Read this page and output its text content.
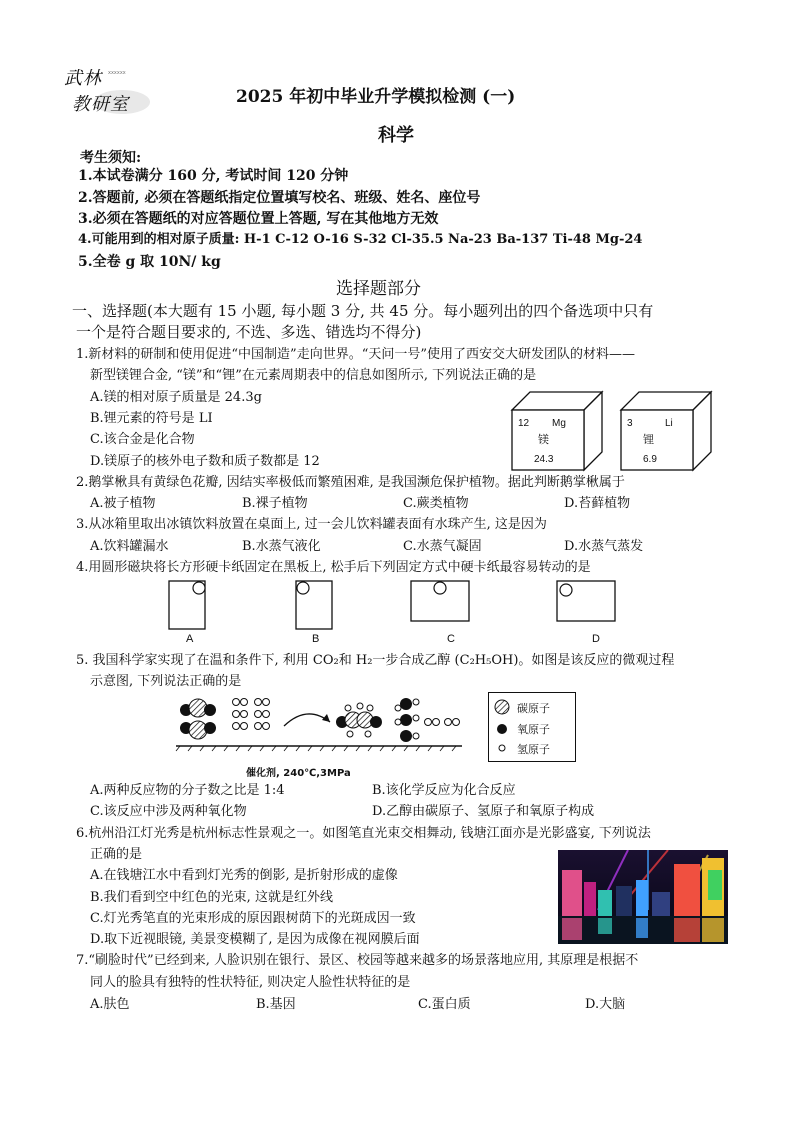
武林
教研室
xxxxxx
2025 年初中毕业升学模拟检测 (一)
科学
考生须知:
1.本试卷满分 160 分, 考试时间 120 分钟
2.答题前, 必须在答题纸指定位置填写校名、班级、姓名、座位号
3.必须在答题纸的对应答题位置上答题, 写在其他地方无效
4.可能用到的相对原子质量: H-1 C-12 O-16 S-32 Cl-35.5 Na-23 Ba-137 Ti-48 Mg-24
5.全卷 g 取 10N/ kg
选择题部分
一、选择题(本大题有 15 小题, 每小题 3 分, 共 45 分。每小题列出的四个备选项中只有
一个是符合题目要求的, 不选、多选、错选均不得分)
1.新材料的研制和使用促进“中国制造”走向世界。“天问一号”使用了西安交大研发团队的材料——
新型镁锂合金, “镁”和“锂”在元素周期表中的信息如图所示, 下列说法正确的是
A.镁的相对原子质量是 24.3g
B.锂元素的符号是 LI
C.该合金是化合物
D.镁原子的核外电子数和质子数都是 12
12 Mg
镁
24.3
3	Li
锂
6.9
2.鹅掌楸具有黄绿色花瓣, 因结实率极低而繁殖困难, 是我国濒危保护植物。据此判断鹅掌楸属于
A.被子植物	B.裸子植物	C.蕨类植物	D.苔藓植物
3.从冰箱里取出冰镇饮料放置在桌面上, 过一会儿饮料罐表面有水珠产生, 这是因为
A.饮料罐漏水	B.水蒸气液化	C.水蒸气凝固	D.水蒸气蒸发
4.用圆形磁块将长方形硬卡纸固定在黑板上, 松手后下列固定方式中硬卡纸最容易转动的是
A	B	C	D
5. 我国科学家实现了在温和条件下, 利用 CO₂和 H₂一步合成乙醇 (C₂H₅OH)。如图是该反应的微观过程
示意图, 下列说法正确的是
催化剂, 240℃,3MPa
碳原子
氧原子
氢原子
A.两种反应物的分子数之比是 1:4	B.该化学反应为化合反应
C.该反应中涉及两种氧化物	D.乙醇由碳原子、氢原子和氧原子构成
6.杭州沿江灯光秀是杭州标志性景观之一。如图笔直光束交相舞动, 钱塘江面亦是光影盛宴, 下列说法
正确的是
A.在钱塘江水中看到灯光秀的倒影, 是折射形成的虚像
B.我们看到空中红色的光束, 这就是红外线
C.灯光秀笔直的光束形成的原因跟树荫下的光斑成因一致
D.取下近视眼镜, 美景变模糊了, 是因为成像在视网膜后面
7.“刷脸时代”已经到来, 人脸识别在银行、景区、校园等越来越多的场景落地应用, 其原理是根据不
同人的脸具有独特的性状特征, 则决定人脸性状特征的是
A.肤色	B.基因	C.蛋白质	D.大脑
